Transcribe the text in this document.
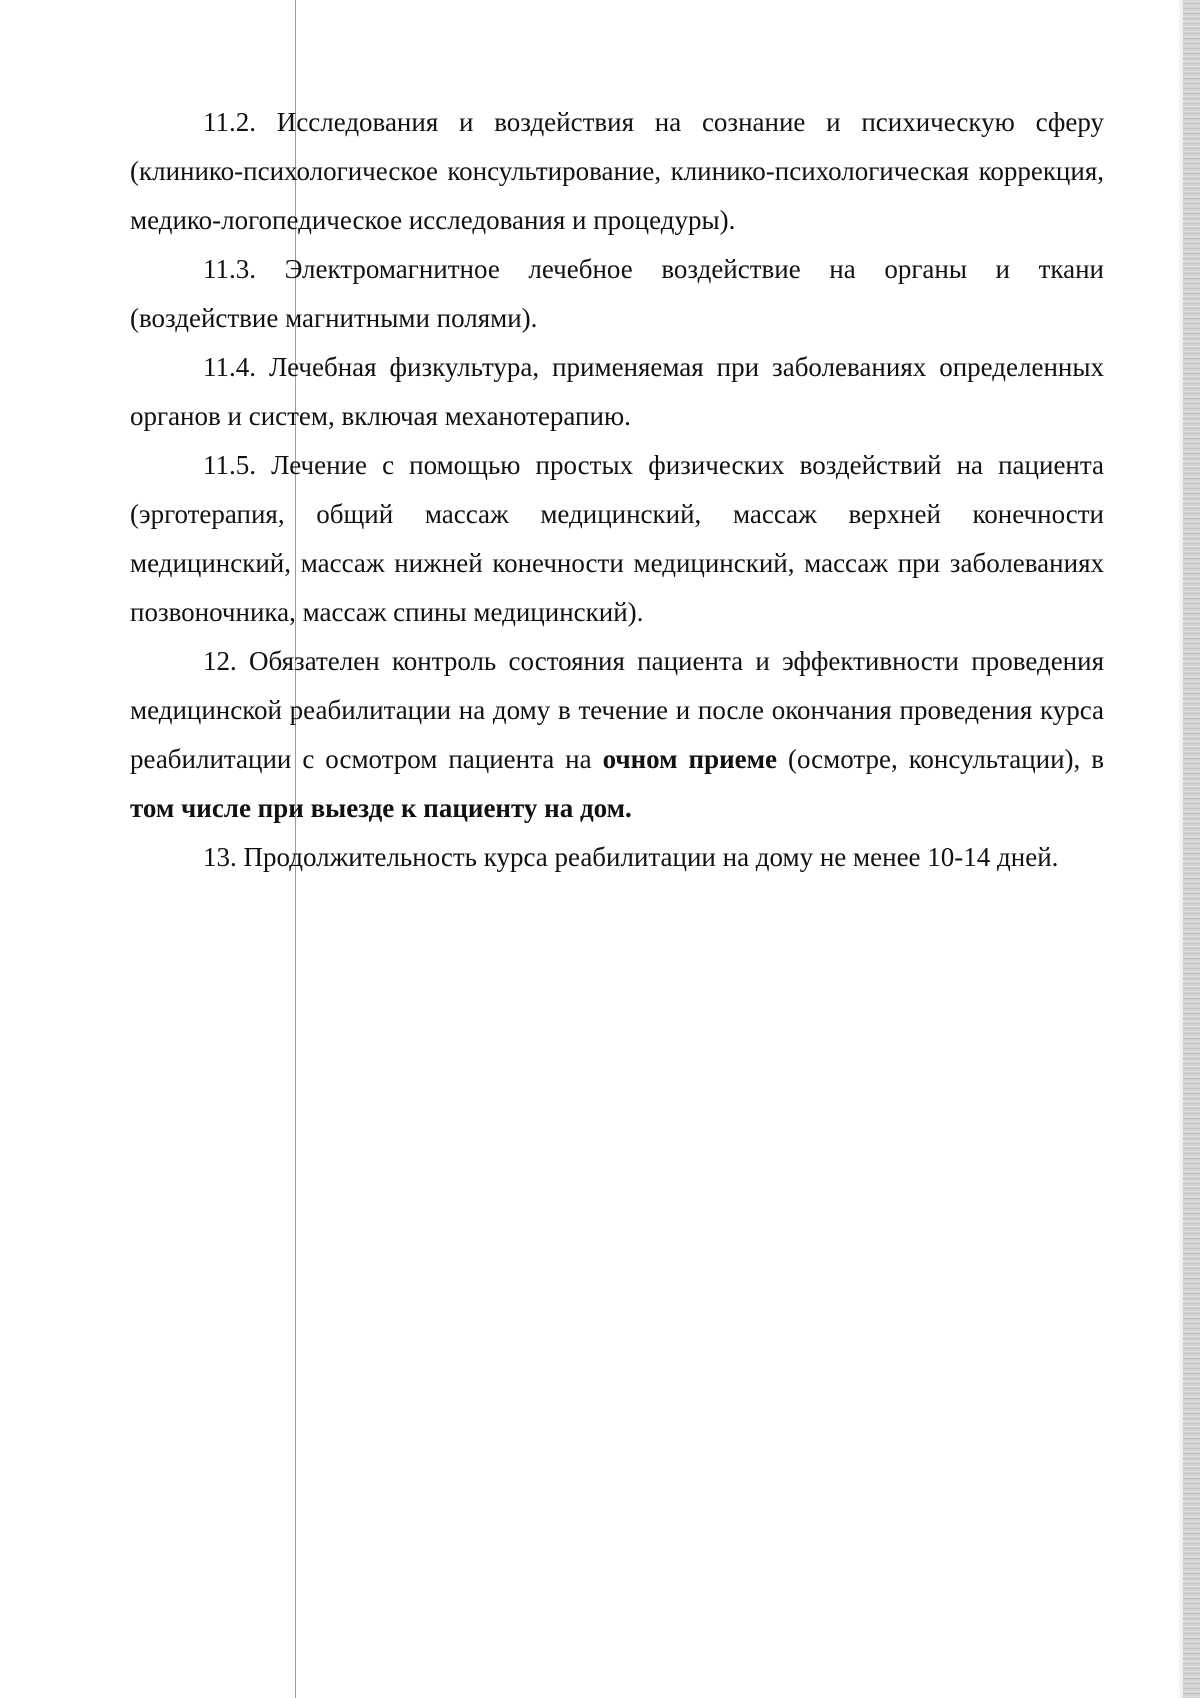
11.2. Исследования и воздействия на сознание и психическую сферу (клинико-психологическое консультирование, клинико-психологическая коррекция, медико-логопедическое исследования и процедуры).

11.3. Электромагнитное лечебное воздействие на органы и ткани (воздействие магнитными полями).

11.4. Лечебная физкультура, применяемая при заболеваниях определенных органов и систем, включая механотерапию.

11.5. Лечение с помощью простых физических воздействий на пациента (эрготерапия, общий массаж медицинский, массаж верхней конечности медицинский, массаж нижней конечности медицинский, массаж при заболеваниях позвоночника, массаж спины медицинский).

12. Обязателен контроль состояния пациента и эффективности проведения медицинской реабилитации на дому в течение и после окончания проведения курса реабилитации с осмотром пациента на очном приеме (осмотре, консультации), в том числе при выезде к пациенту на дом.

13. Продолжительность курса реабилитации на дому не менее 10-14 дней.
